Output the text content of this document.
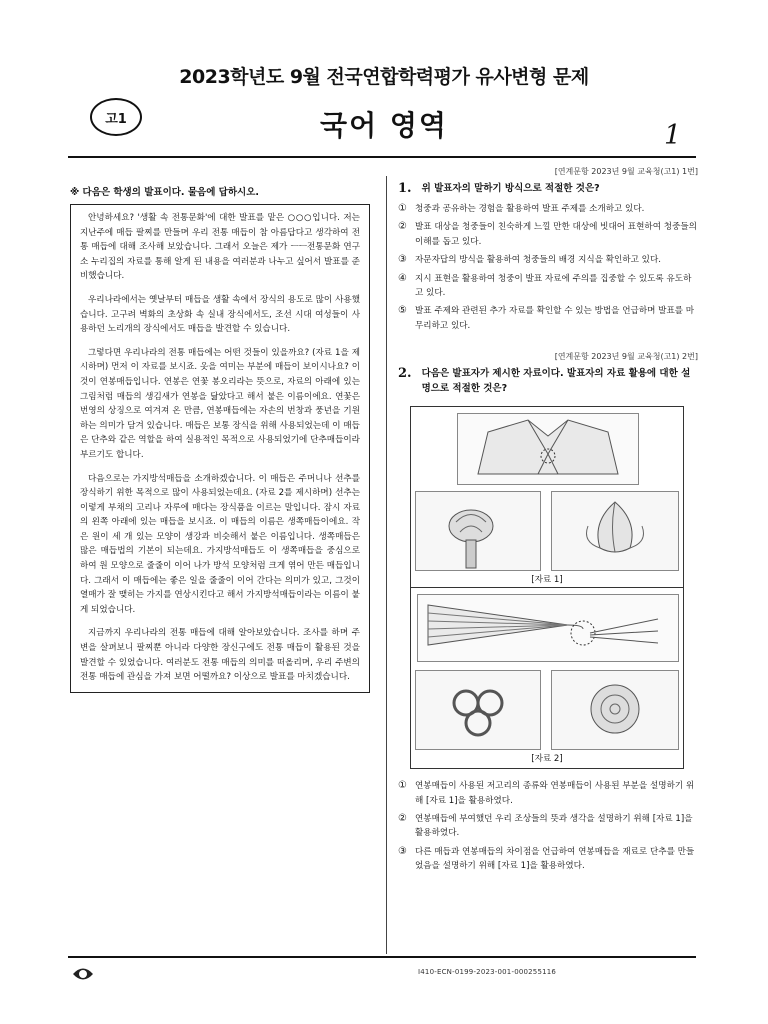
2023학년도 9월 전국연합학력평가 유사변형 문제
고1	국어 영역	1
※ 다음은 학생의 발표이다. 물음에 답하시오.

안녕하세요? '생활 속 전통문화'에 대한 발표를 맡은 ○○○입니다. 저는 지난주에 매듭 팔찌를 만들며 우리 전통 매듭이 참 아름답다고 생각하여 전통 매듭에 대해 조사해 보았습니다. 그래서 오늘은 제가 ㅡㅡ전통문화 연구소 누리집의 자료를 통해 알게 된 내용을 여러분과 나누고 싶어서 발표를 준비했습니다.

우리나라에서는 옛날부터 매듭을 생활 속에서 장식의 용도로 많이 사용했습니다. 고구려 벽화의 초상화 속 실내 장식에서도, 조선 시대 여성들이 사용하던 노리개의 장식에서도 매듭을 발견할 수 있습니다.

그렇다면 우리나라의 전통 매듭에는 어떤 것들이 있을까요? (자료 1을 제시하며) 먼저 이 자료를 보시죠. 옷을 여미는 부분에 매듭이 보이시나요? 이것이 연봉매듭입니다. 연봉은 연꽃 봉오리라는 뜻으로, 자료의 아래에 있는 그림처럼 매듭의 생김새가 연봉을 닮았다고 해서 붙은 이름이에요. 연꽃은 번영의 상징으로 여겨져 온 만큼, 연봉매듭에는 자손의 번창과 풍년을 기원하는 의미가 담겨 있습니다. 매듭은 보통 장식을 위해 사용되었는데 이 매듭은 단추와 같은 역할을 하여 실용적인 목적으로 사용되었기에 단추매듭이라 부르기도 합니다.

다음으로는 가지방석매듭을 소개하겠습니다. 이 매듭은 주머니나 선추를 장식하기 위한 목적으로 많이 사용되었는데요. (자료 2를 제시하며) 선추는 이렇게 부채의 고리나 자루에 매다는 장식품을 이르는 말입니다. 잠시 자료의 왼쪽 아래에 있는 매듭을 보시죠. 이 매듭의 이름은 생쪽매듭이에요. 작은 원이 세 개 있는 모양이 생강과 비슷해서 붙은 이름입니다. 생쪽매듭은 많은 매듭법의 기본이 되는데요. 가지방석매듭도 이 생쪽매듭을 중심으로 하여 원 모양으로 줄줄이 이어 나가 방석 모양처럼 크게 엮어 만든 매듭입니다. 그래서 이 매듭에는 좋은 일을 줄줄이 이어 간다는 의미가 있고, 그것이 열매가 잘 맺히는 가지를 연상시킨다고 해서 가지방석매듭이라는 이름이 붙게 되었습니다.

지금까지 우리나라의 전통 매듭에 대해 알아보았습니다. 조사를 하며 주변을 살펴보니 팔찌뿐 아니라 다양한 장신구에도 전통 매듭이 활용된 것을 발견할 수 있었습니다. 여러분도 전통 매듭의 의미를 떠올리며, 우리 주변의 전통 매듭에 관심을 가져 보면 어떨까요? 이상으로 발표를 마치겠습니다.

[연계문항 2023년 9월 교육청(고1) 1번]
1. 위 발표자의 말하기 방식으로 적절한 것은?
① 청중과 공유하는 경험을 활용하여 발표 주제를 소개하고 있다.
② 발표 대상을 청중들이 친숙하게 느낄 만한 대상에 빗대어 표현하여 청중들의 이해를 돕고 있다.
③ 자문자답의 방식을 활용하여 청중들의 배경 지식을 확인하고 있다.
④ 지시 표현을 활용하여 청중이 발표 자료에 주의를 집중할 수 있도록 유도하고 있다.
⑤ 발표 주제와 관련된 추가 자료를 확인할 수 있는 방법을 언급하며 발표를 마무리하고 있다.
[연계문항 2023년 9월 교육청(고1) 2번]
2. 다음은 발표자가 제시한 자료이다. 발표자의 자료 활용에 대한 설명으로 적절한 것은?
[자료 1]
[자료 2]
① 연봉매듭이 사용된 저고리의 종류와 연봉매듭이 사용된 부분을 설명하기 위해 [자료 1]을 활용하였다.
② 연봉매듭에 부여했던 우리 조상들의 뜻과 생각을 설명하기 위해 [자료 1]을 활용하였다.
③ 다른 매듭과 연봉매듭의 차이점을 언급하여 연봉매듭을 재료로 단추를 만들었음을 설명하기 위해 [자료 1]을 활용하였다.
I410-ECN-0199-2023-001-000255116
